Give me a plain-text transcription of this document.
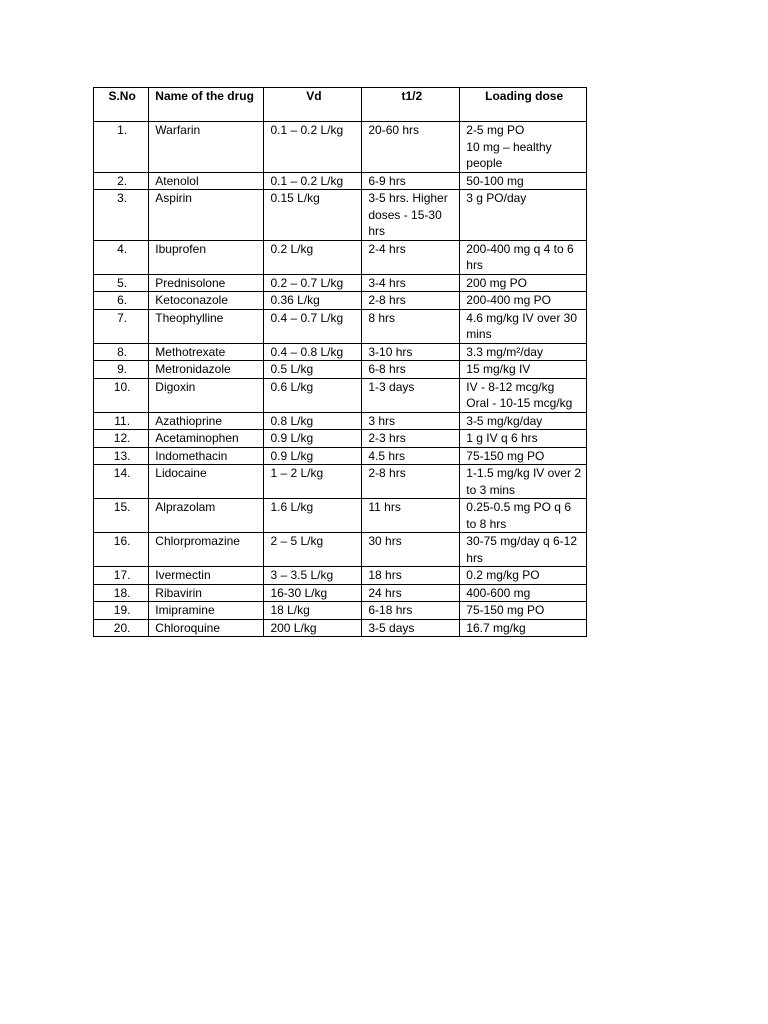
S.No	Name of the drug	Vd	t1/2	Loading dose
1.	Warfarin	0.1 – 0.2 L/kg	20-60 hrs	2-5 mg PO
10 mg – healthy people

2.	Atenolol	0.1 – 0.2 L/kg	6-9 hrs	50-100 mg

3.	Aspirin	0.15 L/kg	3-5 hrs. Higher doses - 15-30 hrs	3 g PO/day

4.	Ibuprofen	0.2 L/kg	2-4 hrs	200-400 mg q 4 to 6 hrs

5.	Prednisolone	0.2 – 0.7 L/kg	3-4 hrs	200 mg PO

6.	Ketoconazole	0.36 L/kg	2-8 hrs	200-400 mg PO

7.	Theophylline	0.4 – 0.7 L/kg	8 hrs	4.6 mg/kg IV over 30 mins

8.	Methotrexate	0.4 – 0.8 L/kg	3-10 hrs	3.3 mg/m²/day

9.	Metronidazole	0.5 L/kg	6-8 hrs	15 mg/kg IV

10.	Digoxin	0.6 L/kg	1-3 days	IV - 8-12 mcg/kg
Oral - 10-15 mcg/kg

11.	Azathioprine	0.8 L/kg	3 hrs	3-5 mg/kg/day

12.	Acetaminophen	0.9 L/kg	2-3 hrs	1 g IV q 6 hrs

13.	Indomethacin	0.9 L/kg	4.5 hrs	75-150 mg PO

14.	Lidocaine	1 – 2 L/kg	2-8 hrs	1-1.5 mg/kg IV over 2 to 3 mins

15.	Alprazolam	1.6 L/kg	11 hrs	0.25-0.5 mg PO q 6 to 8 hrs

16.	Chlorpromazine	2 – 5 L/kg	30 hrs	30-75 mg/day q 6-12 hrs

17.	Ivermectin	3 – 3.5 L/kg	18 hrs	0.2 mg/kg PO

18.	Ribavirin	16-30 L/kg	24 hrs	400-600 mg

19.	Imipramine	18 L/kg	6-18 hrs	75-150 mg PO

20.	Chloroquine	200 L/kg	3-5 days	16.7 mg/kg
